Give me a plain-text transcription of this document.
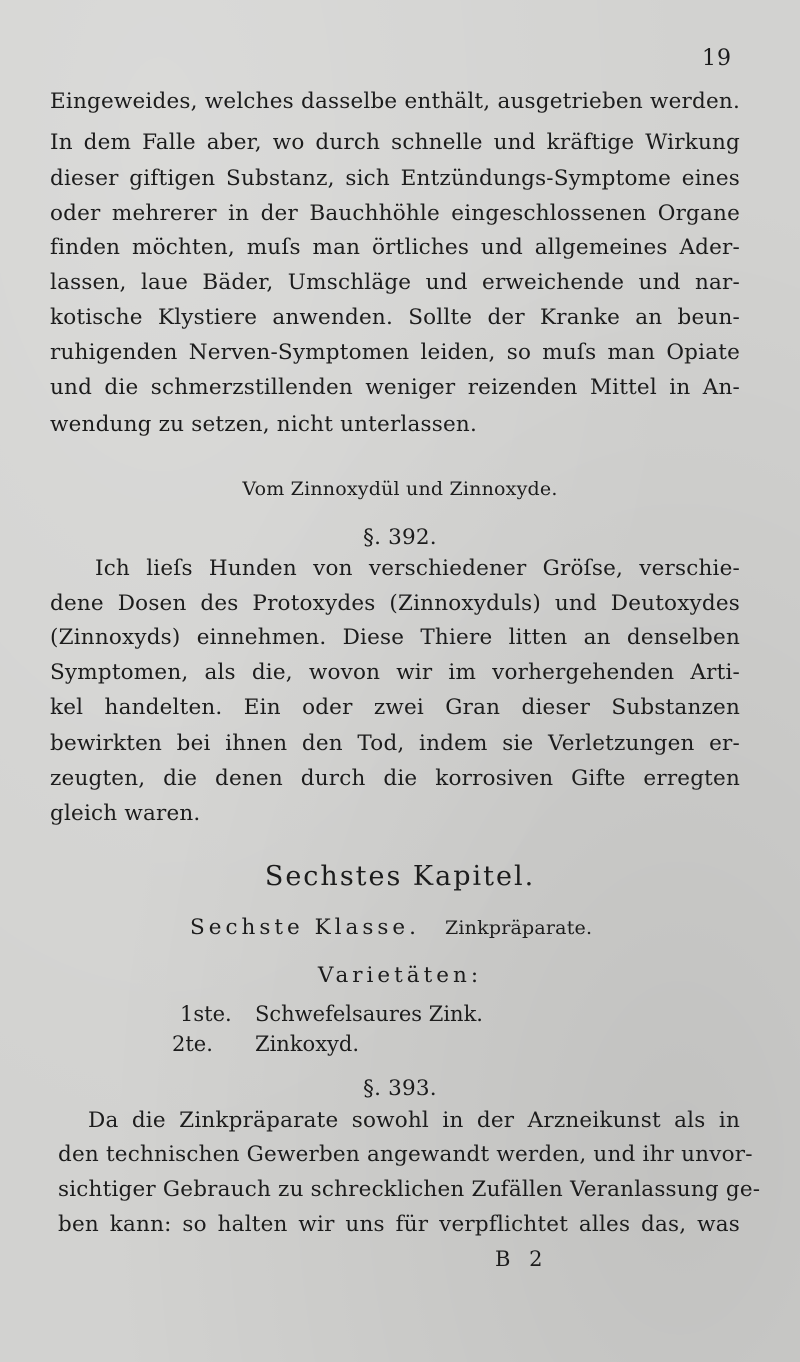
19
Eingeweides, welches dasselbe enthält, ausgetrieben werden.
In dem Falle aber, wo durch schnelle und kräftige Wirkung
dieser giftigen Substanz, sich Entzündungs-Symptome eines
oder mehrerer in der Bauchhöhle eingeschlossenen Organe
finden möchten, muſs man örtliches und allgemeines Ader-
lassen, laue Bäder, Umschläge und erweichende und nar-
kotische Klystiere anwenden. Sollte der Kranke an beun-
ruhigenden Nerven-Symptomen leiden, so muſs man Opiate
und die schmerzstillenden weniger reizenden Mittel in An-
wendung zu setzen, nicht unterlassen.
Vom Zinnoxydül und Zinnoxyde.
§. 392.
Ich lieſs Hunden von verschiedener Gröſse, verschie-
dene Dosen des Protoxydes (Zinnoxyduls) und Deutoxydes
(Zinnoxyds) einnehmen. Diese Thiere litten an denselben
Symptomen, als die, wovon wir im vorhergehenden Arti-
kel handelten. Ein oder zwei Gran dieser Substanzen
bewirkten bei ihnen den Tod, indem sie Verletzungen er-
zeugten, die denen durch die korrosiven Gifte erregten
gleich waren.
Sechstes Kapitel.
Sechste Klasse. Zinkpräparate.
Varietäten:
1ste. Schwefelsaures Zink.
2te. Zinkoxyd.
§. 393.
Da die Zinkpräparate sowohl in der Arzneikunst als in
den technischen Gewerben angewandt werden, und ihr unvor-
sichtiger Gebrauch zu schrecklichen Zufällen Veranlassung ge-
ben kann: so halten wir uns für verpflichtet alles das, was
B 2
